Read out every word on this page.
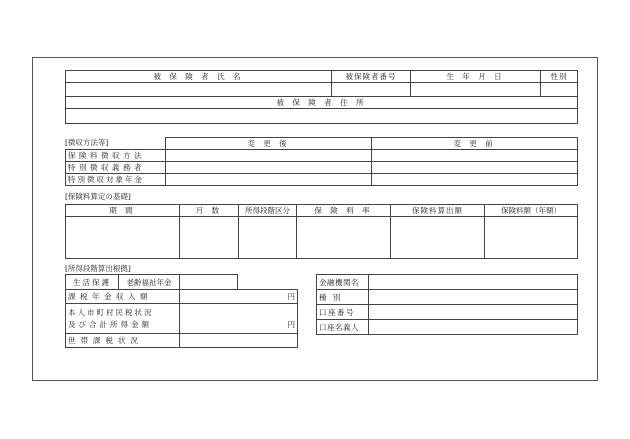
被 保 険 者 氏 名	被保険者番号	生 年 月 日	性別

被 保 険 者 住 所			

[徴収方法等]
		変 更 後	変 更 前
保険料徴収方法		
特別徴収義務者		
特別徴収対象年金		
[保険料算定の基礎]
期 間	月 数	所得段階区分	保 険 料 率	保険料算出額	保険料額（年額）

[所得段階算出根拠]
生活保護	老齢福祉年金		
課税年金収入額		円	

本人市町村民税状況
及び合計所得金額		円	
世帯課税状況			
金融機関名	
種 別	
口座番号	
口座名義人	
